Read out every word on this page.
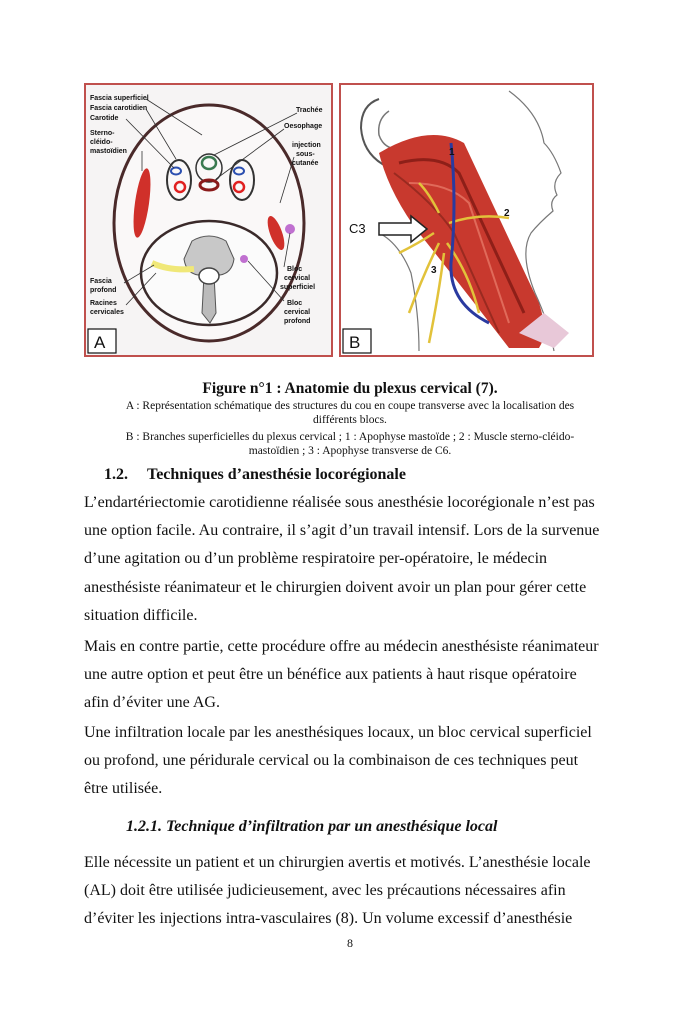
Fascia superficiel
Fascia carotidien
Carotide
Sterno-
cléido-
mastoïdien
Trachée
Oesophage
injection
sous-
cutanée
Fascia
profond
Racines
cervicales
Bloc
cervical
superficiel
Bloc
cervical
profond
A
C3
1
2
3
B
Figure n°1 : Anatomie du plexus cervical (7).
A : Représentation schématique des structures du cou en coupe transverse avec la localisation des
différents blocs.
B : Branches superficielles du plexus cervical ; 1 : Apophyse mastoïde ; 2 : Muscle sterno-cléido-
mastoïdien ; 3 : Apophyse transverse de C6.
1.2. Techniques d’anesthésie locorégionale
L’endartériectomie carotidienne réalisée sous anesthésie locorégionale n’est pas
une option facile. Au contraire, il s’agit d’un travail intensif. Lors de la survenue
d’une agitation ou d’un problème respiratoire per-opératoire, le médecin
anesthésiste réanimateur et le chirurgien doivent avoir un plan pour gérer cette
situation difficile.
Mais en contre partie, cette procédure offre au médecin anesthésiste réanimateur
une autre option et peut être un bénéfice aux patients à haut risque opératoire
afin d’éviter une AG.
Une infiltration locale par les anesthésiques locaux, un bloc cervical superficiel
ou profond, une péridurale cervical ou la combinaison de ces techniques peut
être utilisée.
1.2.1. Technique d’infiltration par un anesthésique local
Elle nécessite un patient et un chirurgien avertis et motivés. L’anesthésie locale
(AL) doit être utilisée judicieusement, avec les précautions nécessaires afin
d’éviter les injections intra-vasculaires (8). Un volume excessif d’anesthésie
8
